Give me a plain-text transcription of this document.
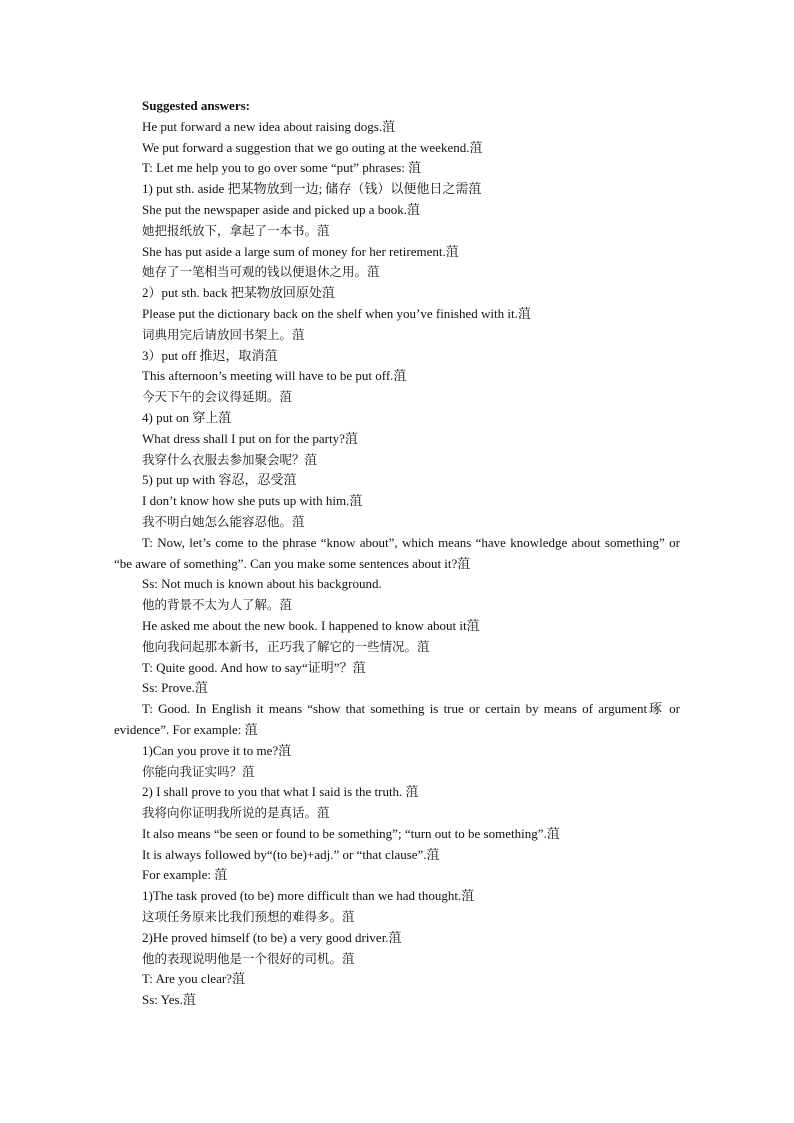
Suggested answers:
He put forward a new idea about raising dogs.菹
We put forward a suggestion that we go outing at the weekend.菹
T: Let me help you to go over some “put” phrases: 菹
1) put sth. aside 把某物放到一边; 储存（钱）以便他日之需菹
She put the newspaper aside and picked up a book.菹
她把报纸放下，拿起了一本书。菹
She has put aside a large sum of money for her retirement.菹
她存了一笔相当可观的钱以便退休之用。菹
2）put sth. back 把某物放回原处菹
Please put the dictionary back on the shelf when you’ve finished with it.菹
词典用完后请放回书架上。菹
3）put off 推迟，取消菹
This afternoon’s meeting will have to be put off.菹
今天下午的会议得延期。菹
4) put on 穿上菹
What dress shall I put on for the party?菹
我穿什么衣服去参加聚会呢？菹
5) put up with 容忍，忍受菹
I don’t know how she puts up with him.菹
我不明白她怎么能容忍他。菹
T: Now, let’s come to the phrase “know about”, which means “have knowledge about something” or “be aware of something”. Can you make some sentences about it?菹
Ss: Not much is known about his background.
他的背景不太为人了解。菹
He asked me about the new book. I happened to know about it菹
他向我问起那本新书，正巧我了解它的一些情况。菹
T: Quite good. And how to say“证明”？菹
Ss: Prove.菹
T: Good. In English it means “show that something is true or certain by means of argument琢 or evidence”. For example: 菹
1)Can you prove it to me?菹
你能向我证实吗？菹
2) I shall prove to you that what I said is the truth. 菹
我将向你证明我所说的是真话。菹
It also means “be seen or found to be something”; “turn out to be something”.菹
It is always followed by“(to be)+adj.” or “that clause”.菹
For example: 菹
1)The task proved (to be) more difficult than we had thought.菹
这项任务原来比我们预想的难得多。菹
2)He proved himself (to be) a very good driver.菹
他的表现说明他是一个很好的司机。菹
T: Are you clear?菹
Ss: Yes.菹
